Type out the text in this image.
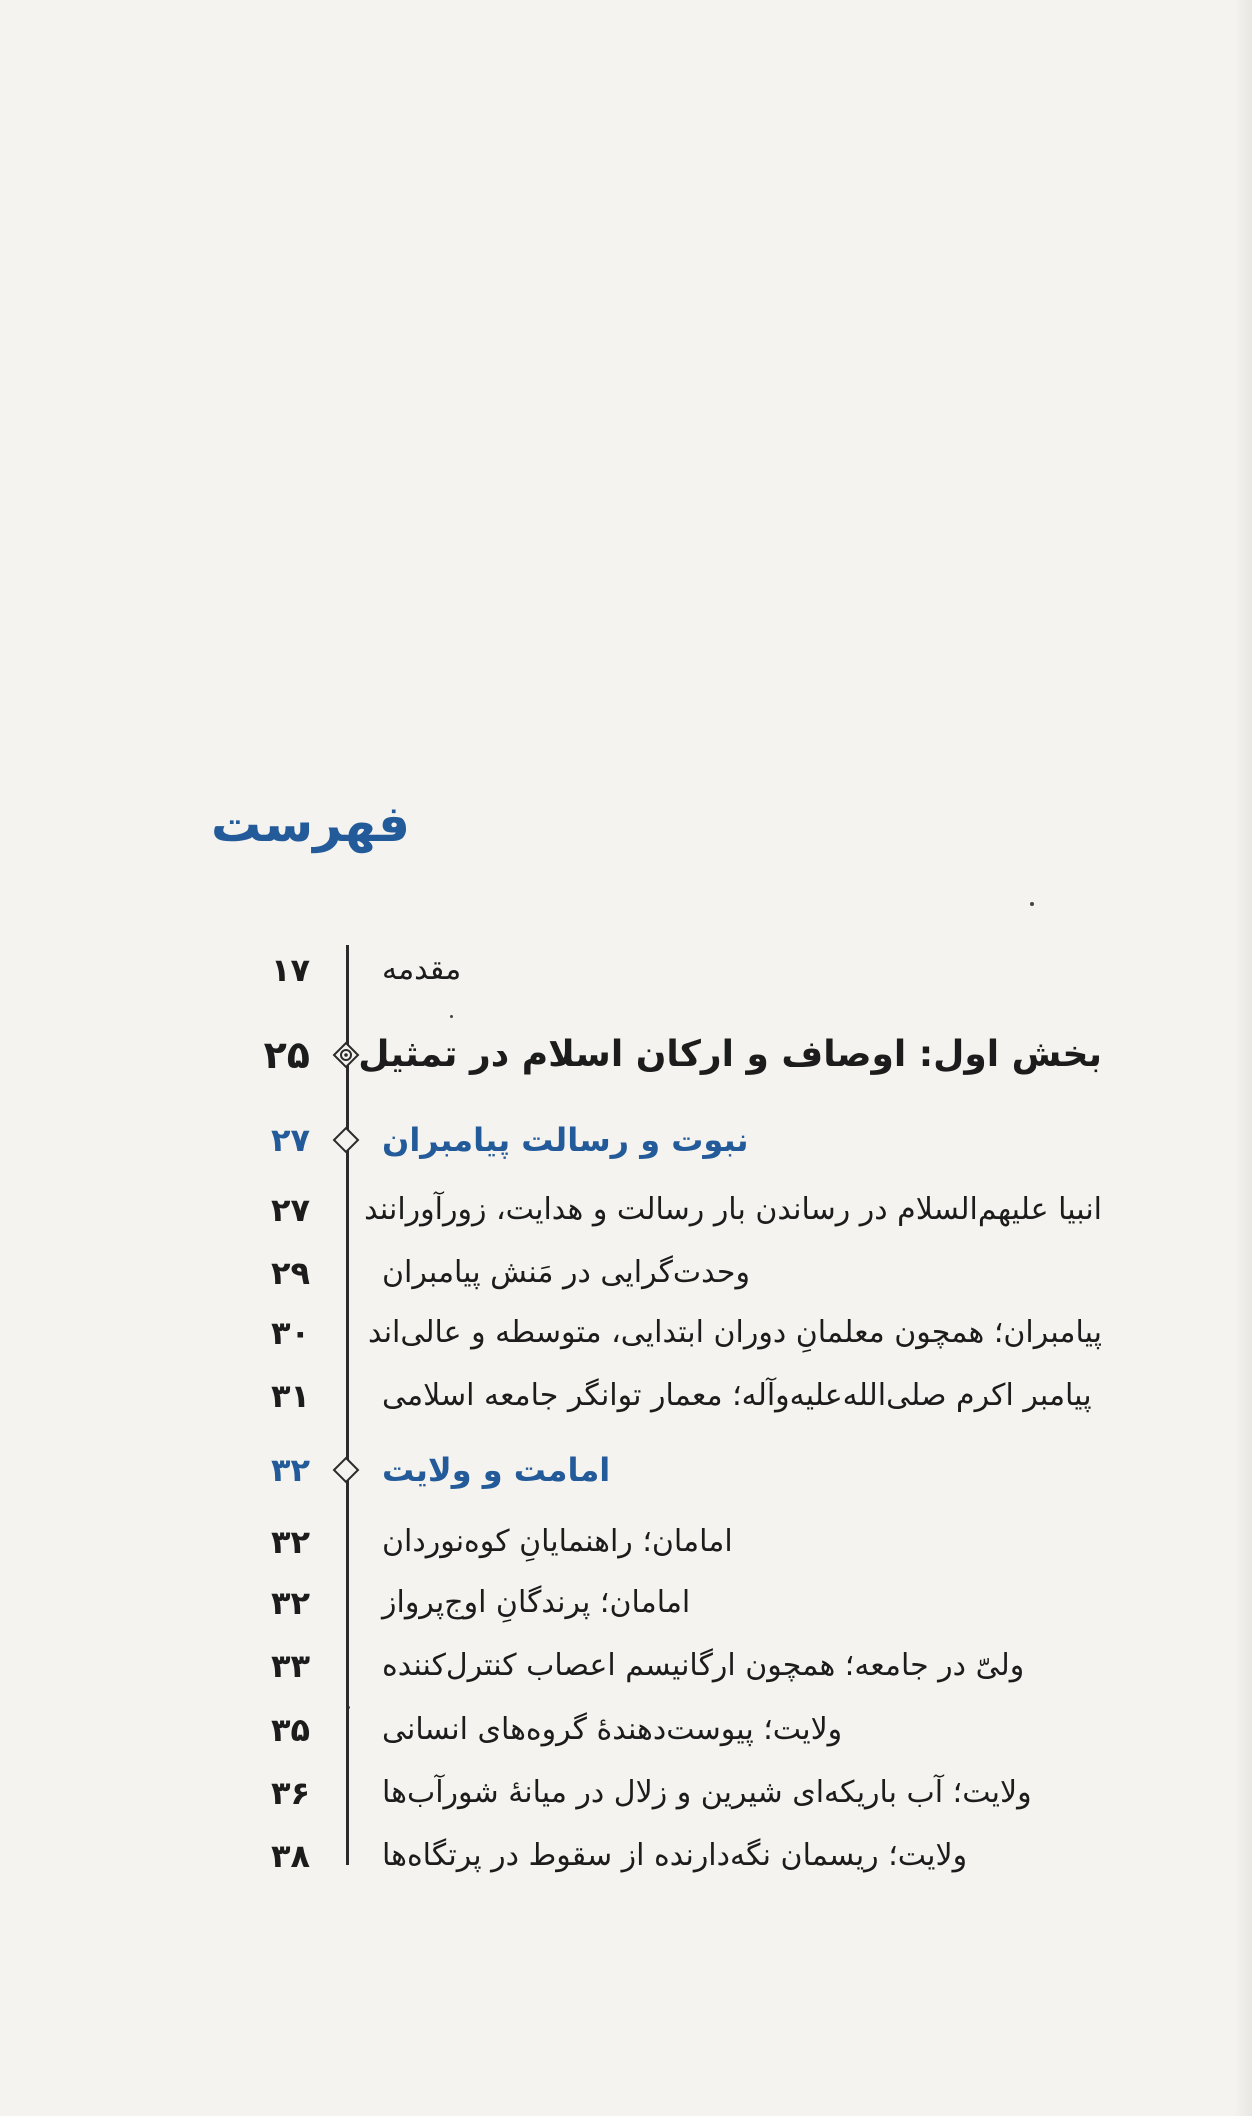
فهرست
۱۷ مقدمه
۲۵ بخش اول: اوصاف و ارکان اسلام در تمثیل
۲۷ نبوت و رسالت پیامبران
۲۷ انبیا علیهم‌السلام در رساندن بار رسالت و هدایت، زورآورانند
۲۹ وحدت‌گرایی در مَنش پیامبران
۳۰ پیامبران؛ همچون معلمانِ دوران ابتدایی، متوسطه و عالی‌اند
۳۱ پیامبر اکرم صلی‌الله‌علیه‌وآله؛ معمار توانگر جامعه اسلامی
۳۲ امامت و ولایت
۳۲ امامان؛ راهنمایانِ کوه‌نوردان
۳۲ امامان؛ پرندگانِ اوج‌پرواز
۳۳ ولیّ در جامعه؛ همچون ارگانیسم اعصاب کنترل‌کننده
۳۵ ولایت؛ پیوست‌دهندهٔ گروه‌های انسانی
۳۶ ولایت؛ آب باریکه‌ای شیرین و زلال در میانهٔ شورآب‌ها
۳۸ ولایت؛ ریسمان نگه‌دارنده از سقوط در پرتگاه‌ها
